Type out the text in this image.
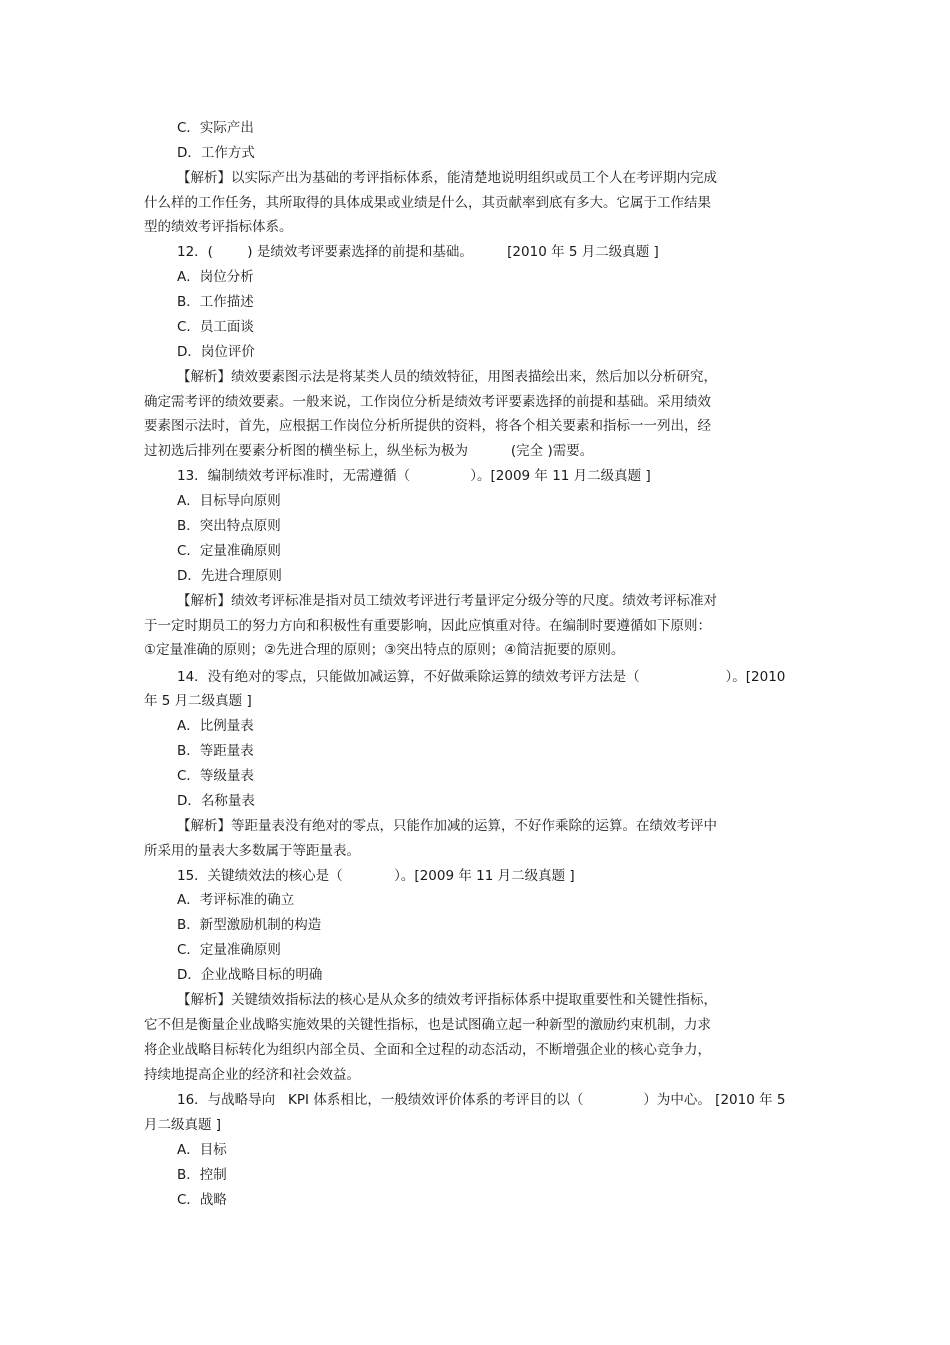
C．实际产出
D．工作方式
【解析】以实际产出为基础的考评指标体系，能清楚地说明组织或员工个人在考评期内完成
什么样的工作任务，其所取得的具体成果或业绩是什么，其贡献率到底有多大。它属于工作结果
型的绩效考评指标体系。
12．(        ) 是绩效考评要素选择的前提和基础。        [2010 年 5 月二级真题 ]
A．岗位分析
B．工作描述
C．员工面谈
D．岗位评价
【解析】绩效要素图示法是将某类人员的绩效特征，用图表描绘出来，然后加以分析研究，
确定需考评的绩效要素。一般来说，工作岗位分析是绩效考评要素选择的前提和基础。采用绩效
要素图示法时，首先，应根据工作岗位分析所提供的资料，将各个相关要素和指标一一列出，经
过初选后排列在要素分析图的横坐标上，纵坐标为极为          (完全 )需要。
13．编制绩效考评标准时，无需遵循（              ）。[2009 年 11 月二级真题 ]
A．目标导向原则
B．突出特点原则
C．定量准确原则
D．先进合理原则
【解析】绩效考评标准是指对员工绩效考评进行考量评定分级分等的尺度。绩效考评标准对
于一定时期员工的努力方向和积极性有重要影响，因此应慎重对待。在编制时要遵循如下原则：
①定量准确的原则；②先进合理的原则；③突出特点的原则；④简洁扼要的原则。
14．没有绝对的零点，只能做加减运算，不好做乘除运算的绩效考评方法是（                    ）。[2010
年 5 月二级真题 ]
A．比例量表
B．等距量表
C．等级量表
D．名称量表
【解析】等距量表没有绝对的零点，只能作加减的运算，不好作乘除的运算。在绩效考评中
所采用的量表大多数属于等距量表。
15．关键绩效法的核心是（            ）。[2009 年 11 月二级真题 ]
A．考评标准的确立
B．新型激励机制的构造
C．定量准确原则
D．企业战略目标的明确
【解析】关键绩效指标法的核心是从众多的绩效考评指标体系中提取重要性和关键性指标，
它不但是衡量企业战略实施效果的关键性指标，也是试图确立起一种新型的激励约束机制，力求
将企业战略目标转化为组织内部全员、全面和全过程的动态活动，不断增强企业的核心竞争力，
持续地提高企业的经济和社会效益。
16．与战略导向   KPI 体系相比，一般绩效评价体系的考评目的以（              ）为中心。 [2010 年 5
月二级真题 ]
A．目标
B．控制
C．战略
